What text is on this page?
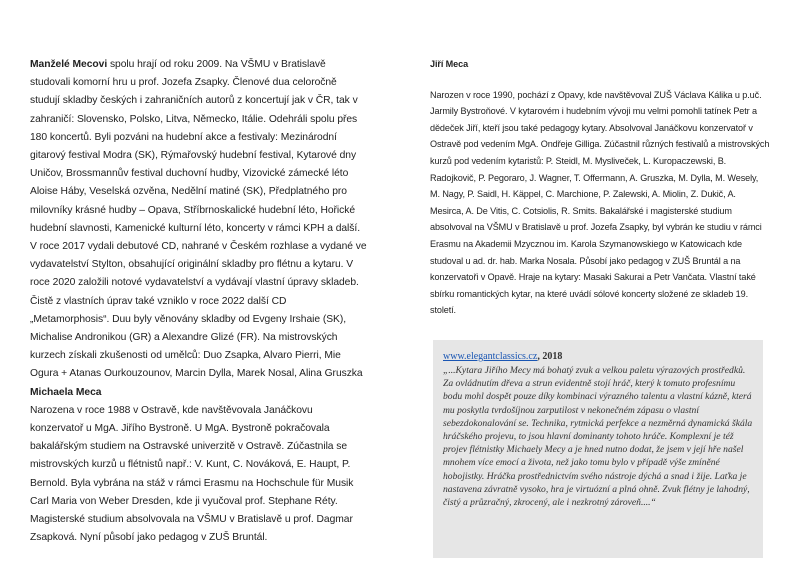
Manželé Mecovi spolu hrají od roku 2009. Na VŠMU v Bratislavě studovali komorní hru u prof. Jozefa Zsapky. Členové dua celoročně studují skladby českých i zahraničních autorů z koncertují jak v ČR, tak v zahraničí: Slovensko, Polsko, Litva, Německo, Itálie. Odehráli spolu přes 180 koncertů. Byli pozváni na hudební akce a festivaly: Mezinárodní gitarový festival Modra (SK), Rýmařovský hudební festival, Kytarové dny Uničov, Brossmannův festival duchovní hudby, Vizovické zámecké léto Aloise Háby, Veselská ozvěna, Nedělní matiné (SK), Předplatného pro milovníky krásné hudby – Opava, Stříbrnoskalické hudební léto, Hořické hudební slavnosti, Kamenické kulturní léto, koncerty v rámci KPH a další. V roce 2017 vydali debutové CD, nahrané v Českém rozhlase a vydané ve vydavatelství Stylton, obsahující originální skladby pro flétnu a kytaru. V roce 2020 založili notové vydavatelství a vydávají vlastní úpravy skladeb. Čistě z vlastních úprav také vzniklo v roce 2022 další CD „Metamorphosis“. Duu byly věnovány skladby od Evgeny Irshaie (SK), Michalise Andronikou (GR) a Alexandre Glizé (FR). Na mistrovských kurzech získali zkušenosti od umělců: Duo Zsapka, Alvaro Pierri, Mie Ogura + Atanas Ourkouzounov, Marcin Dylla, Marek Nosal, Alina Gruszka

Michaela Meca

Narozena v roce 1988 v Ostravě, kde navštěvovala Janáčkovu konzervatoř u MgA. Jiřího Bystroně. U MgA. Bystroně pokračovala bakalářským studiem na Ostravské univerzitě v Ostravě. Zúčastnila se mistrovských kurzů u flétnistů např.: V. Kunt, C. Nováková, E. Haupt, P. Bernold. Byla vybrána na stáž v rámci Erasmu na Hochschule für Musik Carl Maria von Weber Dresden, kde ji vyučoval prof. Stephane Réty. Magisterské studium absolvovala na VŠMU v Bratislavě u prof. Dagmar Zsapková. Nyní působí jako pedagog v ZUŠ Bruntál.

Jiří Meca

Narozen v roce 1990, pochází z Opavy, kde navštěvoval ZUŠ Václava Kálika u p.uč. Jarmily Bystroňové. V kytarovém i hudebním vývoji mu velmi pomohli tatínek Petr a dědeček Jiří, kteří jsou také pedagogy kytary. Absolvoval Janáčkovu konzervatoř v Ostravě pod vedením MgA. Ondřeje Gilliga. Zúčastnil různých festivalů a mistrovských kurzů pod vedením kytaristů: P. Steidl, M. Mysliveček, L. Kuropaczewski, B. Radojkovič, P. Pegoraro, J. Wagner, T. Offermann, A. Gruszka, M. Dylla, M. Wesely, M. Nagy, P. Saidl, H. Käppel, C. Marchione, P. Zalewski, A. Miolin, Z. Dukič, A. Mesirca, A. De Vitis, C. Cotsiolis, R. Smits. Bakalářské i magisterské studium absolvoval na VŠMU v Bratislavě u prof. Jozefa Zsapky, byl vybrán ke studiu v rámci Erasmu na Akademii Mzycznou im. Karola Szymanowskiego w Katowicach kde studoval u ad. dr. hab. Marka Nosala. Působí jako pedagog v ZUŠ Bruntál a na konzervatoři v Opavě. Hraje na kytary: Masaki Sakurai a Petr Vančata. Vlastní také sbírku romantických kytar, na které uvádí sólové koncerty složené ze skladeb 19. století.

www.elegantclassics.cz, 2018

„...Kytara Jiřího Mecy má bohatý zvuk a velkou paletu výrazových prostředků. Za ovládnutím dřeva a strun evidentně stojí hráč, který k tomuto profesnímu bodu mohl dospět pouze díky kombinaci výrazného talentu a vlastní kázně, která mu poskytla tvrdošíjnou zarputilost v nekonečném zápasu o vlastní sebezdokonalování se. Technika, rytmická perfekce a nezměrná dynamická škála hráčského projevu, to jsou hlavní dominanty tohoto hráče. Komplexní je též projev flétnistky Michaely Mecy a je hned nutno dodat, že jsem v její hře našel mnohem více emocí a života, než jako tomu bylo v případě výše zmíněné hobojistky. Hráčka prostřednictvím svého nástroje dýchá a snad i žije. Laťka je nastavena závratně vysoko, hra je virtuózní a plná ohně. Zvuk flétny je lahodný, čistý a průzračný, zkrocený, ale i nezkrotný zároveň....“
